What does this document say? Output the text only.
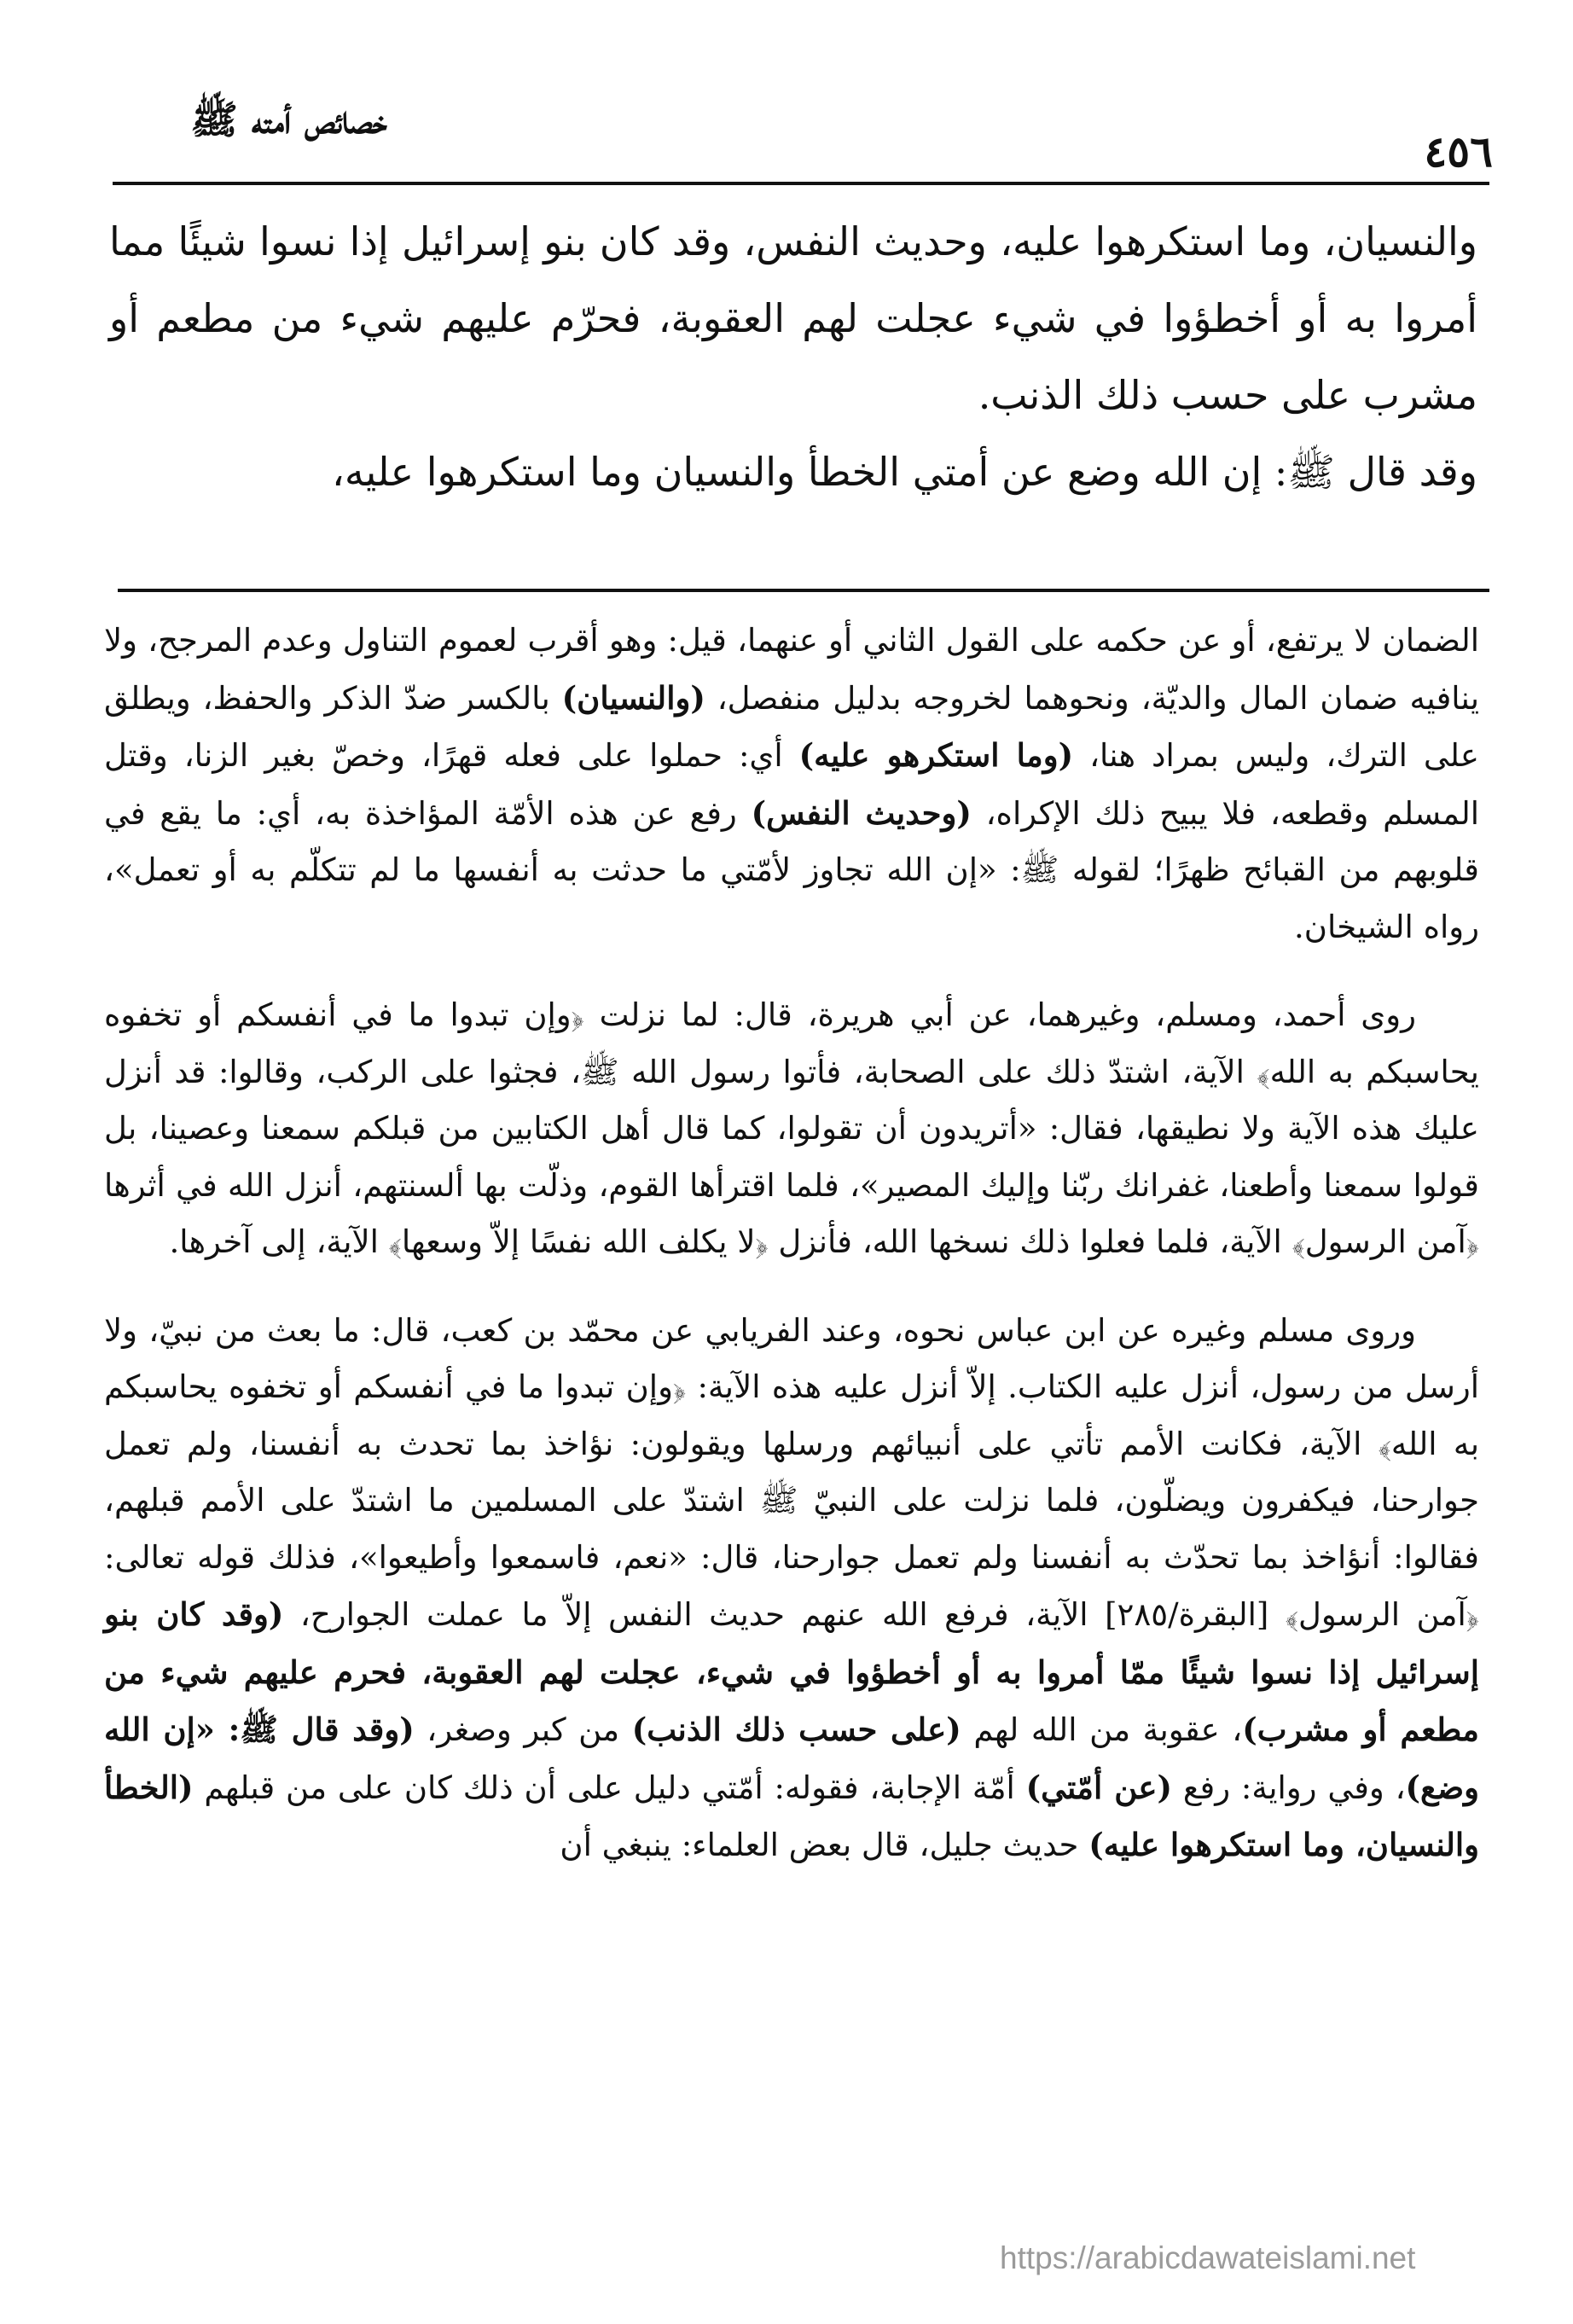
خصائص أمته ﷺ
٤٥٦

والنسيان، وما استكرهوا عليه، وحديث النفس، وقد كان بنو إسرائيل إذا نسوا شيئًا مما أمروا به أو أخطؤوا في شيء عجلت لهم العقوبة، فحرّم عليهم شيء من مطعم أو مشرب على حسب ذلك الذنب.

وقد قال ﷺ: إن الله وضع عن أمتي الخطأ والنسيان وما استكرهوا عليه،

الضمان لا يرتفع، أو عن حكمه على القول الثاني أو عنهما، قيل: وهو أقرب لعموم التناول وعدم المرجح، ولا ينافيه ضمان المال والديّة، ونحوهما لخروجه بدليل منفصل، (والنسيان) بالكسر ضدّ الذكر والحفظ، ويطلق على الترك، وليس بمراد هنا، (وما استكرهو عليه) أي: حملوا على فعله قهرًا، وخصّ بغير الزنا، وقتل المسلم وقطعه، فلا يبيح ذلك الإكراه، (وحديث النفس) رفع عن هذه الأمّة المؤاخذة به، أي: ما يقع في قلوبهم من القبائح ظهرًا؛ لقوله ﷺ: «إن الله تجاوز لأمّتي ما حدثت به أنفسها ما لم تتكلّم به أو تعمل»، رواه الشيخان.

روى أحمد، ومسلم، وغيرهما، عن أبي هريرة، قال: لما نزلت ﴿وإن تبدوا ما في أنفسكم أو تخفوه يحاسبكم به الله﴾ الآية، اشتدّ ذلك على الصحابة، فأتوا رسول الله ﷺ، فجثوا على الركب، وقالوا: قد أنزل عليك هذه الآية ولا نطيقها، فقال: «أتريدون أن تقولوا، كما قال أهل الكتابين من قبلكم سمعنا وعصينا، بل قولوا سمعنا وأطعنا، غفرانك ربّنا وإليك المصير»، فلما اقترأها القوم، وذلّت بها ألسنتهم، أنزل الله في أثرها ﴿آمن الرسول﴾ الآية، فلما فعلوا ذلك نسخها الله، فأنزل ﴿لا يكلف الله نفسًا إلاّ وسعها﴾ الآية، إلى آخرها.

وروى مسلم وغيره عن ابن عباس نحوه، وعند الفريابي عن محمّد بن كعب، قال: ما بعث من نبيّ، ولا أرسل من رسول، أنزل عليه الكتاب. إلاّ أنزل عليه هذه الآية: ﴿وإن تبدوا ما في أنفسكم أو تخفوه يحاسبكم به الله﴾ الآية، فكانت الأمم تأتي على أنبيائهم ورسلها ويقولون: نؤاخذ بما تحدث به أنفسنا، ولم تعمل جوارحنا، فيكفرون ويضلّون، فلما نزلت على النبيّ ﷺ اشتدّ على المسلمين ما اشتدّ على الأمم قبلهم، فقالوا: أنؤاخذ بما تحدّث به أنفسنا ولم تعمل جوارحنا، قال: «نعم، فاسمعوا وأطيعوا»، فذلك قوله تعالى: ﴿آمن الرسول﴾ [البقرة/٢٨٥] الآية، فرفع الله عنهم حديث النفس إلاّ ما عملت الجوارح، (وقد كان بنو إسرائيل إذا نسوا شيئًا ممّا أمروا به أو أخطؤوا في شيء، عجلت لهم العقوبة، فحرم عليهم شيء من مطعم أو مشرب)، عقوبة من الله لهم (على حسب ذلك الذنب) من كبر وصغر، (وقد قال ﷺ: «إن الله وضع)، وفي رواية: رفع (عن أمّتي) أمّة الإجابة، فقوله: أمّتي دليل على أن ذلك كان على من قبلهم (الخطأ والنسيان، وما استكرهوا عليه) حديث جليل، قال بعض العلماء: ينبغي أن

https://arabicdawateislami.net
